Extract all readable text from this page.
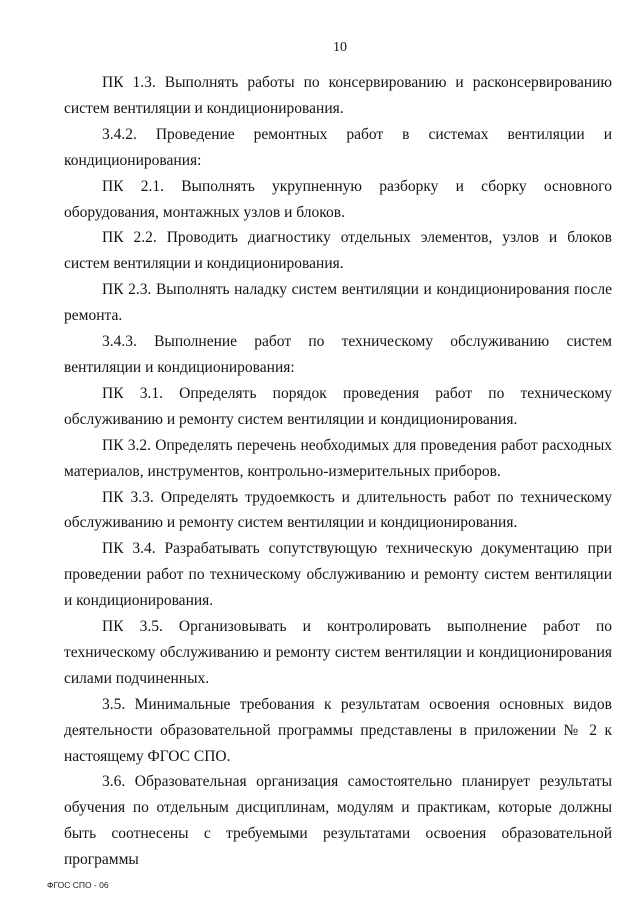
10

ПК 1.3. Выполнять работы по консервированию и расконсервированию систем вентиляции и кондиционирования.

3.4.2. Проведение ремонтных работ в системах вентиляции и кондиционирования:

ПК 2.1. Выполнять укрупненную разборку и сборку основного оборудования, монтажных узлов и блоков.

ПК 2.2. Проводить диагностику отдельных элементов, узлов и блоков систем вентиляции и кондиционирования.

ПК 2.3. Выполнять наладку систем вентиляции и кондиционирования после ремонта.

3.4.3. Выполнение работ по техническому обслуживанию систем вентиляции и кондиционирования:

ПК 3.1. Определять порядок проведения работ по техническому обслуживанию и ремонту систем вентиляции и кондиционирования.

ПК 3.2. Определять перечень необходимых для проведения работ расходных материалов, инструментов, контрольно-измерительных приборов.

ПК 3.3. Определять трудоемкость и длительность работ по техническому обслуживанию и ремонту систем вентиляции и кондиционирования.

ПК 3.4. Разрабатывать сопутствующую техническую документацию при проведении работ по техническому обслуживанию и ремонту систем вентиляции и кондиционирования.

ПК 3.5. Организовывать и контролировать выполнение работ по техническому обслуживанию и ремонту систем вентиляции и кондиционирования силами подчиненных.

3.5. Минимальные требования к результатам освоения основных видов деятельности образовательной программы представлены в приложении № 2 к настоящему ФГОС СПО.

3.6. Образовательная организация самостоятельно планирует результаты обучения по отдельным дисциплинам, модулям и практикам, которые должны быть соотнесены с требуемыми результатами освоения образовательной программы

ФГОС СПО - 06
